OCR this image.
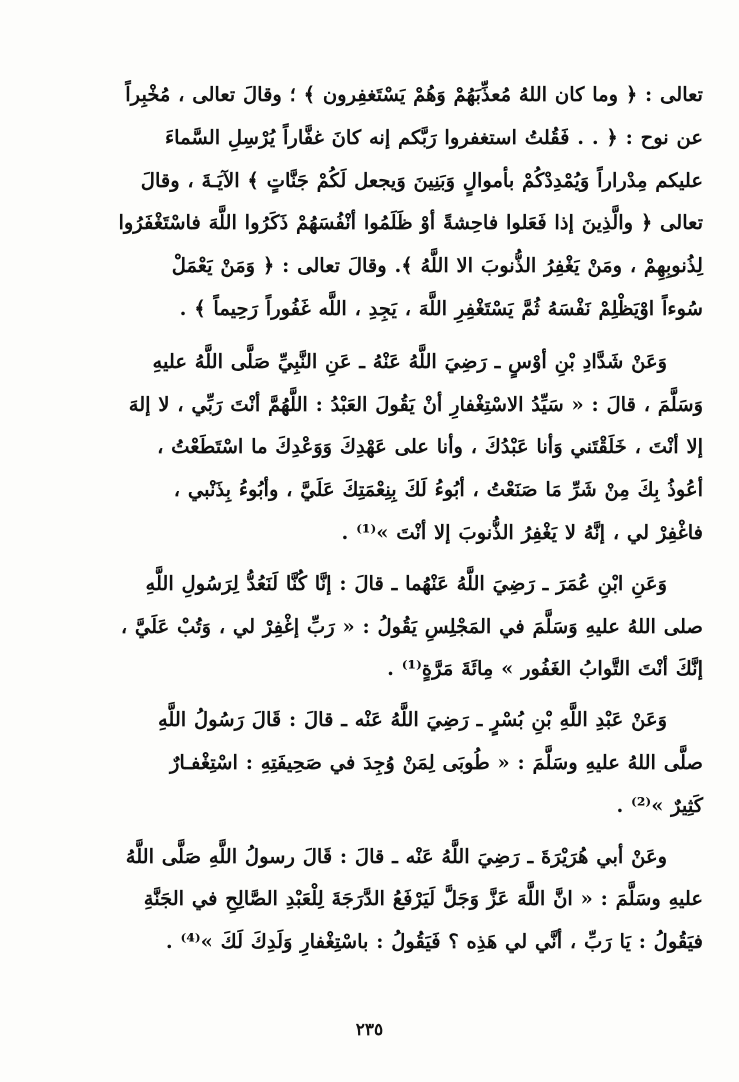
تعالى : ﴿ وما كان اللهُ مُعذِّبَهُمْ وَهُمْ يَسْتَغفِرون ﴾ ؛ وقالَ تعالى ، مُخْبِراً

عن نوح : ﴿ . . فَقُلتُ استغفروا رَبَّكم إنه كانَ غفَّاراً يُرْسِلِ السَّماءَ

عليكم مِدْراراً وَيُمْدِدْكُمْ بأموالٍ وَبَنِينَ وَيجعل لَكُمْ جَنَّاتٍ ﴾ الآيَـةَ ، وقالَ

تعالى ﴿ والَّذِينَ إذا فَعَلوا فاحِشةً أوْ ظَلَمُوا أنْفُسَهُمْ ذَكَرُوا اللَّهَ فاسْتَغْفَرُوا

لِذُنوبِهِمْ ، ومَنْ يَغْفِرُ الذُّنوبَ الا اللَّهُ ﴾. وقالَ تعالى : ﴿ وَمَنْ يَعْمَلْ

سُوءاً اوْيَظْلِمْ نَفْسَهُ ثُمَّ يَسْتَغْفِرِ اللَّهَ ، يَجِدِ ، اللَّه غَفُوراً رَحِيماً ﴾ .

وَعَنْ شَدَّادِ بْنِ أوْسٍ ـ رَضِيَ اللَّهُ عَنْهُ ـ عَنِ النَّبِيِّ صَلَّى اللَّهُ عليهِ

وَسَلَّمَ ، قالَ : « سَيِّدُ الاسْتِغْفارِ أنْ يَقُولَ العَبْدُ : اللَّهُمَّ أنْتَ رَبِّي ، لا إلهَ

إلا أنْتَ ، خَلَقْتَني وَأنا عَبْدُكَ ، وأنا على عَهْدِكَ وَوَعْدِكَ ما اسْتَطَعْتُ ،

أعُوذُ بِكَ مِنْ شَرِّ مَا صَنَعْتُ ، أبُوءُ لَكَ بِنِعْمَتِكَ عَلَيَّ ، وأبُوءُ بِذَنْبي ،

فاغْفِرْ لي ، إنَّهُ لا يَغْفِرُ الذُّنوبَ إلا أنْتَ »⁽¹⁾ .

وَعَنِ ابْنِ عُمَرَ ـ رَضِيَ اللَّهُ عَنْهُما ـ قالَ : إنَّا كُنَّا لَنَعُدُّ لِرَسُولِ اللَّهِ

صلى اللهُ عليهِ وَسَلَّمَ في المَجْلِسِ يَقُولُ : « رَبِّ إغْفِرْ لي ، وَتُبْ عَلَيَّ ،

إنَّكَ أنْتَ التَّوابُ الغَفُور » مِائَةَ مَرَّةٍ⁽¹⁾ .

وَعَنْ عَبْدِ اللَّهِ بْنِ بُسْرٍ ـ رَضِيَ اللَّهُ عَنْه ـ قالَ : قَالَ رَسُولُ اللَّهِ

صلَّى اللهُ عليهِ وسَلَّمَ : « طُوبَى لِمَنْ وُجِدَ في صَحِيفَتِهِ : اسْتِغْفـارٌ

كَثِيرٌ »⁽²⁾ .

وعَنْ أبي هُرَيْرَةَ ـ رَضِيَ اللَّهُ عَنْه ـ قالَ : قَالَ رسولُ اللَّهِ صَلَّى اللَّهُ

عليهِ وسَلَّمَ : « انَّ اللَّهَ عَزَّ وَجَلَّ لَيَرْفَعُ الدَّرَجَةَ لِلْعَبْدِ الصَّالِحِ في الجَنَّةِ

فيَقُولُ : يَا رَبِّ ، أنَّي لي هَذِه ؟ فَيَقُولُ : باسْتِغْفارِ وَلَدِكَ لَكَ »⁽⁴⁾ .

٢٣٥
